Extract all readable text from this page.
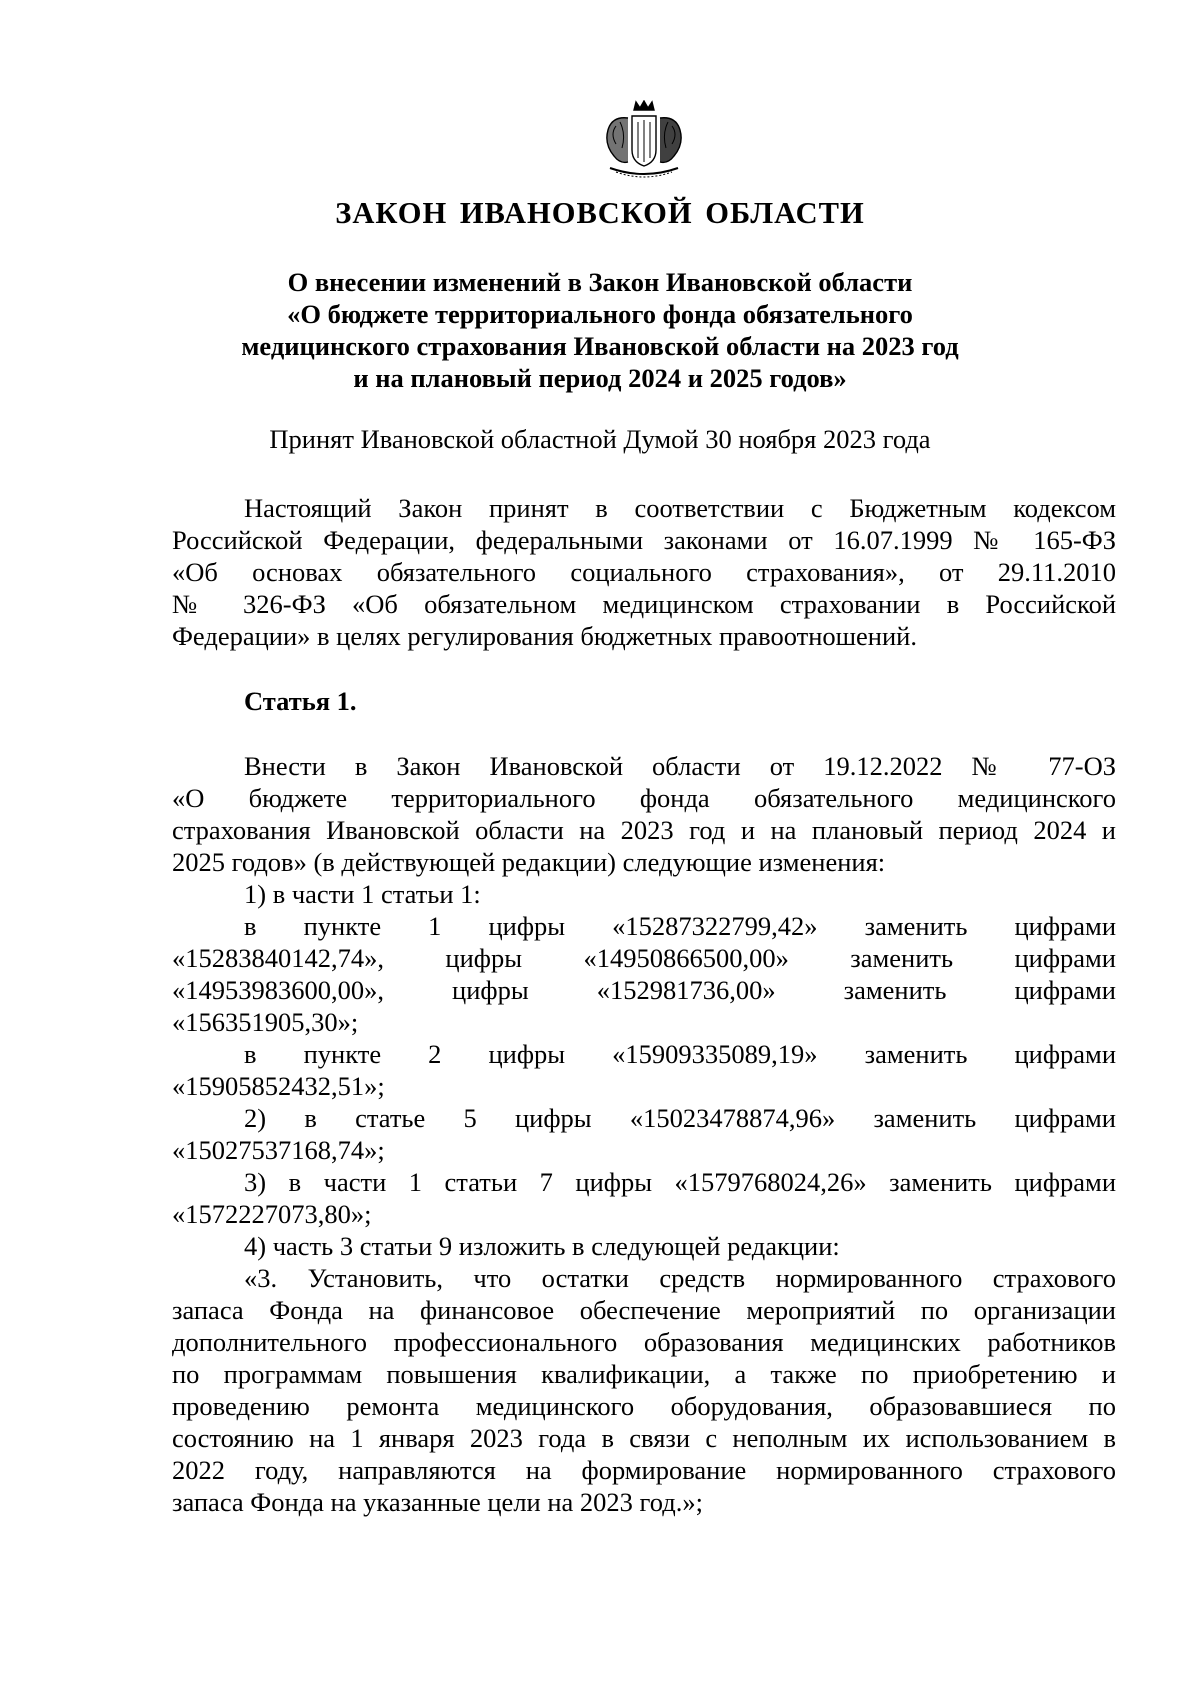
ЗАКОН ИВАНОВСКОЙ ОБЛАСТИ
О внесении изменений в Закон Ивановской области
«О бюджете территориального фонда обязательного
медицинского страхования Ивановской области на 2023 год
и на плановый период 2024 и 2025 годов»
Принят Ивановской областной Думой 30 ноября 2023 года

Настоящий Закон принят в соответствии с Бюджетным кодексом

Российской Федерации, федеральными законами от 16.07.1999 № 165-ФЗ

«Об основах обязательного социального страхования», от 29.11.2010

№ 326-ФЗ «Об обязательном медицинском страховании в Российской

Федерации» в целях регулирования бюджетных правоотношений.

Статья 1.

Внести в Закон Ивановской области от 19.12.2022 № 77-ОЗ

«О бюджете территориального фонда обязательного медицинского

страхования Ивановской области на 2023 год и на плановый период 2024 и

2025 годов» (в действующей редакции) следующие изменения:

1) в части 1 статьи 1:

в пункте 1 цифры «15287322799,42» заменить цифрами

«15283840142,74», цифры «14950866500,00» заменить цифрами

«14953983600,00», цифры «152981736,00» заменить цифрами

«156351905,30»;

в пункте 2 цифры «15909335089,19» заменить цифрами

«15905852432,51»;

2) в статье 5 цифры «15023478874,96» заменить цифрами

«15027537168,74»;

3) в части 1 статьи 7 цифры «1579768024,26» заменить цифрами

«1572227073,80»;

4) часть 3 статьи 9 изложить в следующей редакции:

«3. Установить, что остатки средств нормированного страхового

запаса Фонда на финансовое обеспечение мероприятий по организации

дополнительного профессионального образования медицинских работников

по программам повышения квалификации, а также по приобретению и

проведению ремонта медицинского оборудования, образовавшиеся по

состоянию на 1 января 2023 года в связи с неполным их использованием в

2022 году, направляются на формирование нормированного страхового

запаса Фонда на указанные цели на 2023 год.»;
